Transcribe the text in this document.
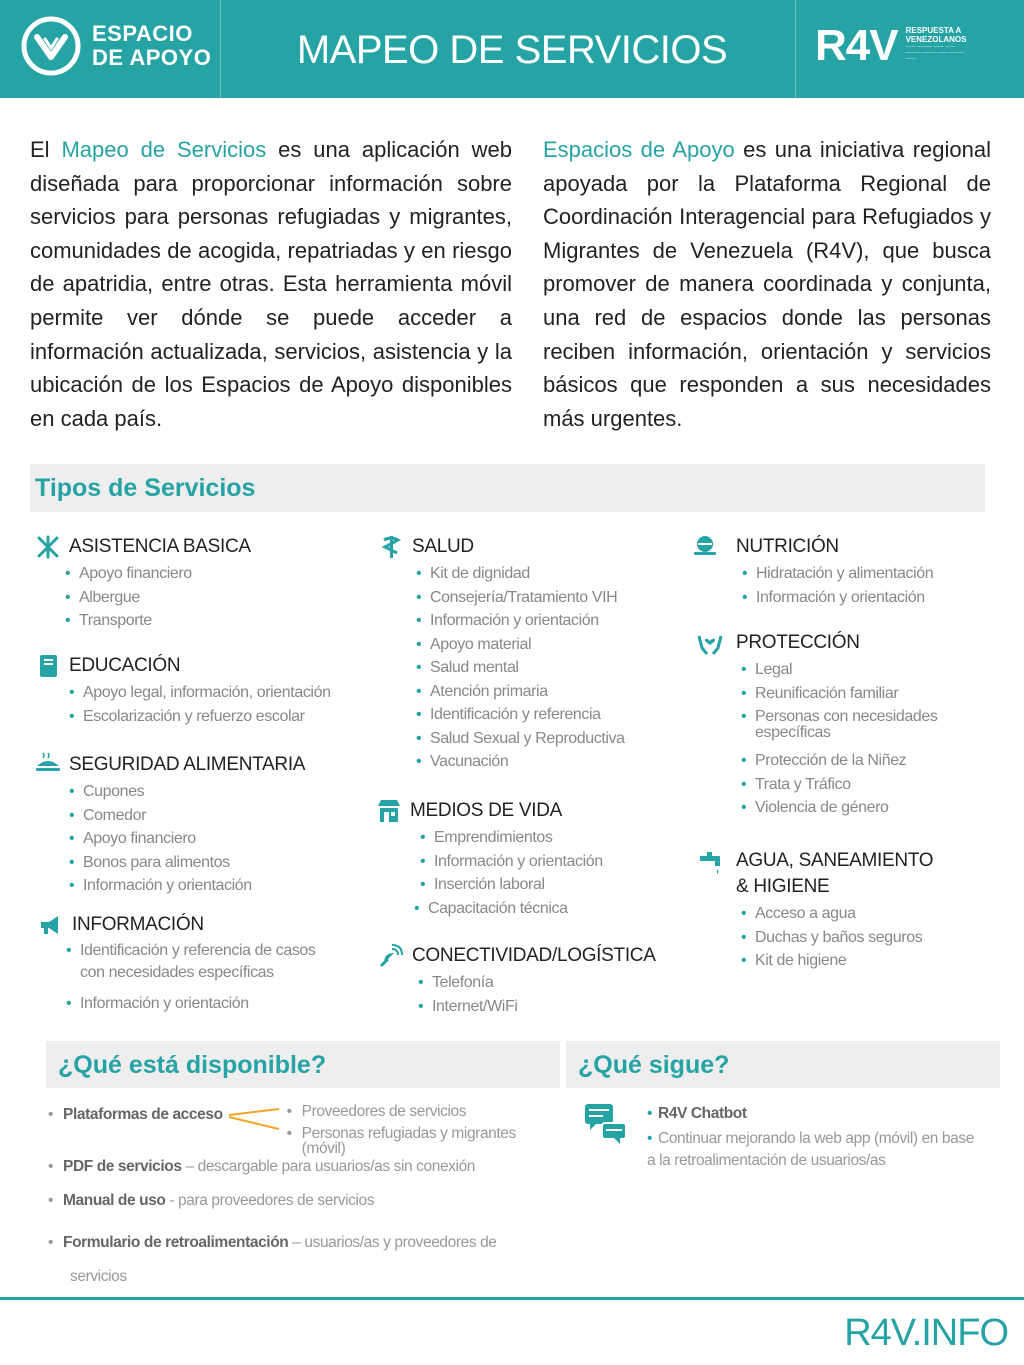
ESPACIO
DE APOYO	MAPEO DE SERVICIOS	R4V RESPUESTA A
VENEZOLANOS
—— ——— —— —— ——— ——— —— ——— ——

El Mapeo de Servicios es una aplicación web diseñada para proporcionar información sobre servicios para personas refugiadas y migrantes, comunidades de acogida, repatriadas y en riesgo de apatridia, entre otras. Esta herramienta móvil permite ver dónde se puede acceder a información actualizada, servicios, asistencia y la ubicación de los Espacios de Apoyo disponibles en cada país.

Espacios de Apoyo es una iniciativa regional apoyada por la Plataforma Regional de Coordinación Interagencial para Refugiados y Migrantes de Venezuela (R4V), que busca promover de manera coordinada y conjunta, una red de espacios donde las personas reciben información, orientación y servicios básicos que responden a sus necesidades más urgentes.

Tipos de Servicios
ASISTENCIA BASICA
• Apoyo financiero
• Albergue
• Transporte
EDUCACIÓN
• Apoyo legal, información, orientación
• Escolarización y refuerzo escolar
SEGURIDAD ALIMENTARIA
• Cupones
• Comedor
• Apoyo financiero
• Bonos para alimentos
• Información y orientación
INFORMACIÓN
• Identificación y referencia de casos con necesidades específicas
• Información y orientación
SALUD
• Kit de dignidad
• Consejería/Tratamiento VIH
• Información y orientación
• Apoyo material
• Salud mental
• Atención primaria
• Identificación y referencia
• Salud Sexual y Reproductiva
• Vacunación
MEDIOS DE VIDA
• Emprendimientos
• Información y orientación
• Inserción laboral
• Capacitación técnica
CONECTIVIDAD/LOGÍSTICA
• Telefonía
• Internet/WiFi
NUTRICIÓN
• Hidratación y alimentación
• Información y orientación
PROTECCIÓN
• Legal
• Reunificación familiar
• Personas con necesidades específicas
• Protección de la Niñez
• Trata y Tráfico
• Violencia de género
AGUA, SANEAMIENTO & HIGIENE
• Acceso a agua
• Duchas y baños seguros
• Kit de higiene
¿Qué está disponible?
• Plataformas de acceso	• Proveedores de servicios
• Personas refugiadas y migrantes (móvil)
• PDF de servicios – descargable para usuarios/as sin conexión
• Manual de uso - para proveedores de servicios
• Formulario de retroalimentación – usuarios/as y proveedores de servicios
¿Qué sigue?
• R4V Chatbot
• Continuar mejorando la web app (móvil) en base a la retroalimentación de usuarios/as
R4V.INFO
